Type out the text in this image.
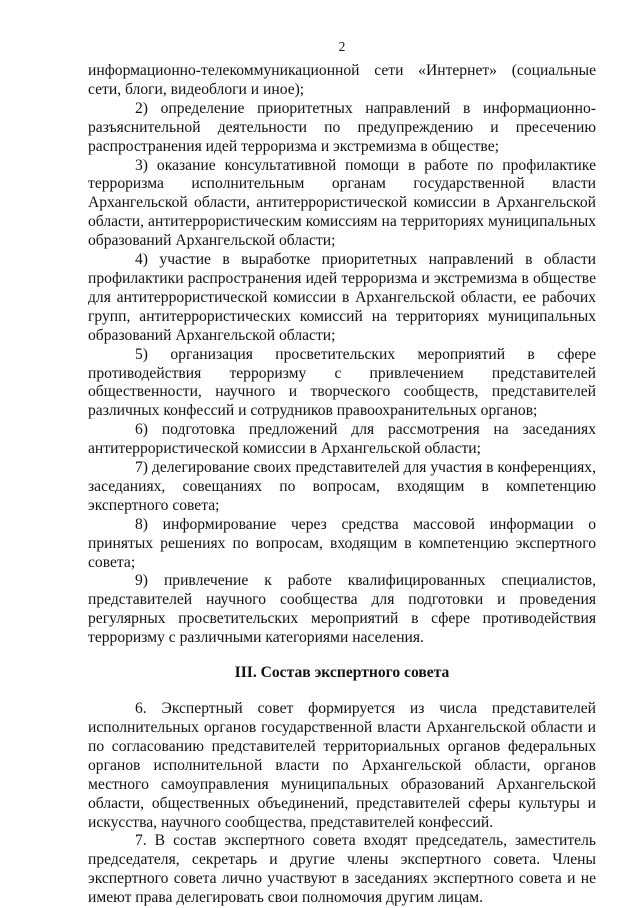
2

информационно-телекоммуникационной сети «Интернет» (социальные сети, блоги, видеоблоги и иное);

2) определение приоритетных направлений в информационно-разъяснительной деятельности по предупреждению и пресечению распространения идей терроризма и экстремизма в обществе;

3) оказание консультативной помощи в работе по профилактике терроризма исполнительным органам государственной власти Архангельской области, антитеррористической комиссии в Архангельской области, антитеррористическим комиссиям на территориях муниципальных образований Архангельской области;

4) участие в выработке приоритетных направлений в области профилактики распространения идей терроризма и экстремизма в обществе для антитеррористической комиссии в Архангельской области, ее рабочих групп, антитеррористических комиссий на территориях муниципальных образований Архангельской области;

5) организация просветительских мероприятий в сфере противодействия терроризму с привлечением представителей общественности, научного и творческого сообществ, представителей различных конфессий и сотрудников правоохранительных органов;

6) подготовка предложений для рассмотрения на заседаниях антитеррористической комиссии в Архангельской области;

7) делегирование своих представителей для участия в конференциях, заседаниях, совещаниях по вопросам, входящим в компетенцию экспертного совета;

8) информирование через средства массовой информации о принятых решениях по вопросам, входящим в компетенцию экспертного совета;

9) привлечение к работе квалифицированных специалистов, представителей научного сообщества для подготовки и проведения регулярных просветительских мероприятий в сфере противодействия терроризму с различными категориями населения.

III. Состав экспертного совета

6. Экспертный совет формируется из числа представителей исполнительных органов государственной власти Архангельской области и по согласованию представителей территориальных органов федеральных органов исполнительной власти по Архангельской области, органов местного самоуправления муниципальных образований Архангельской области, общественных объединений, представителей сферы культуры и искусства, научного сообщества, представителей конфессий.

7. В состав экспертного совета входят председатель, заместитель председателя, секретарь и другие члены экспертного совета. Члены экспертного совета лично участвуют в заседаниях экспертного совета и не имеют права делегировать свои полномочия другим лицам.
